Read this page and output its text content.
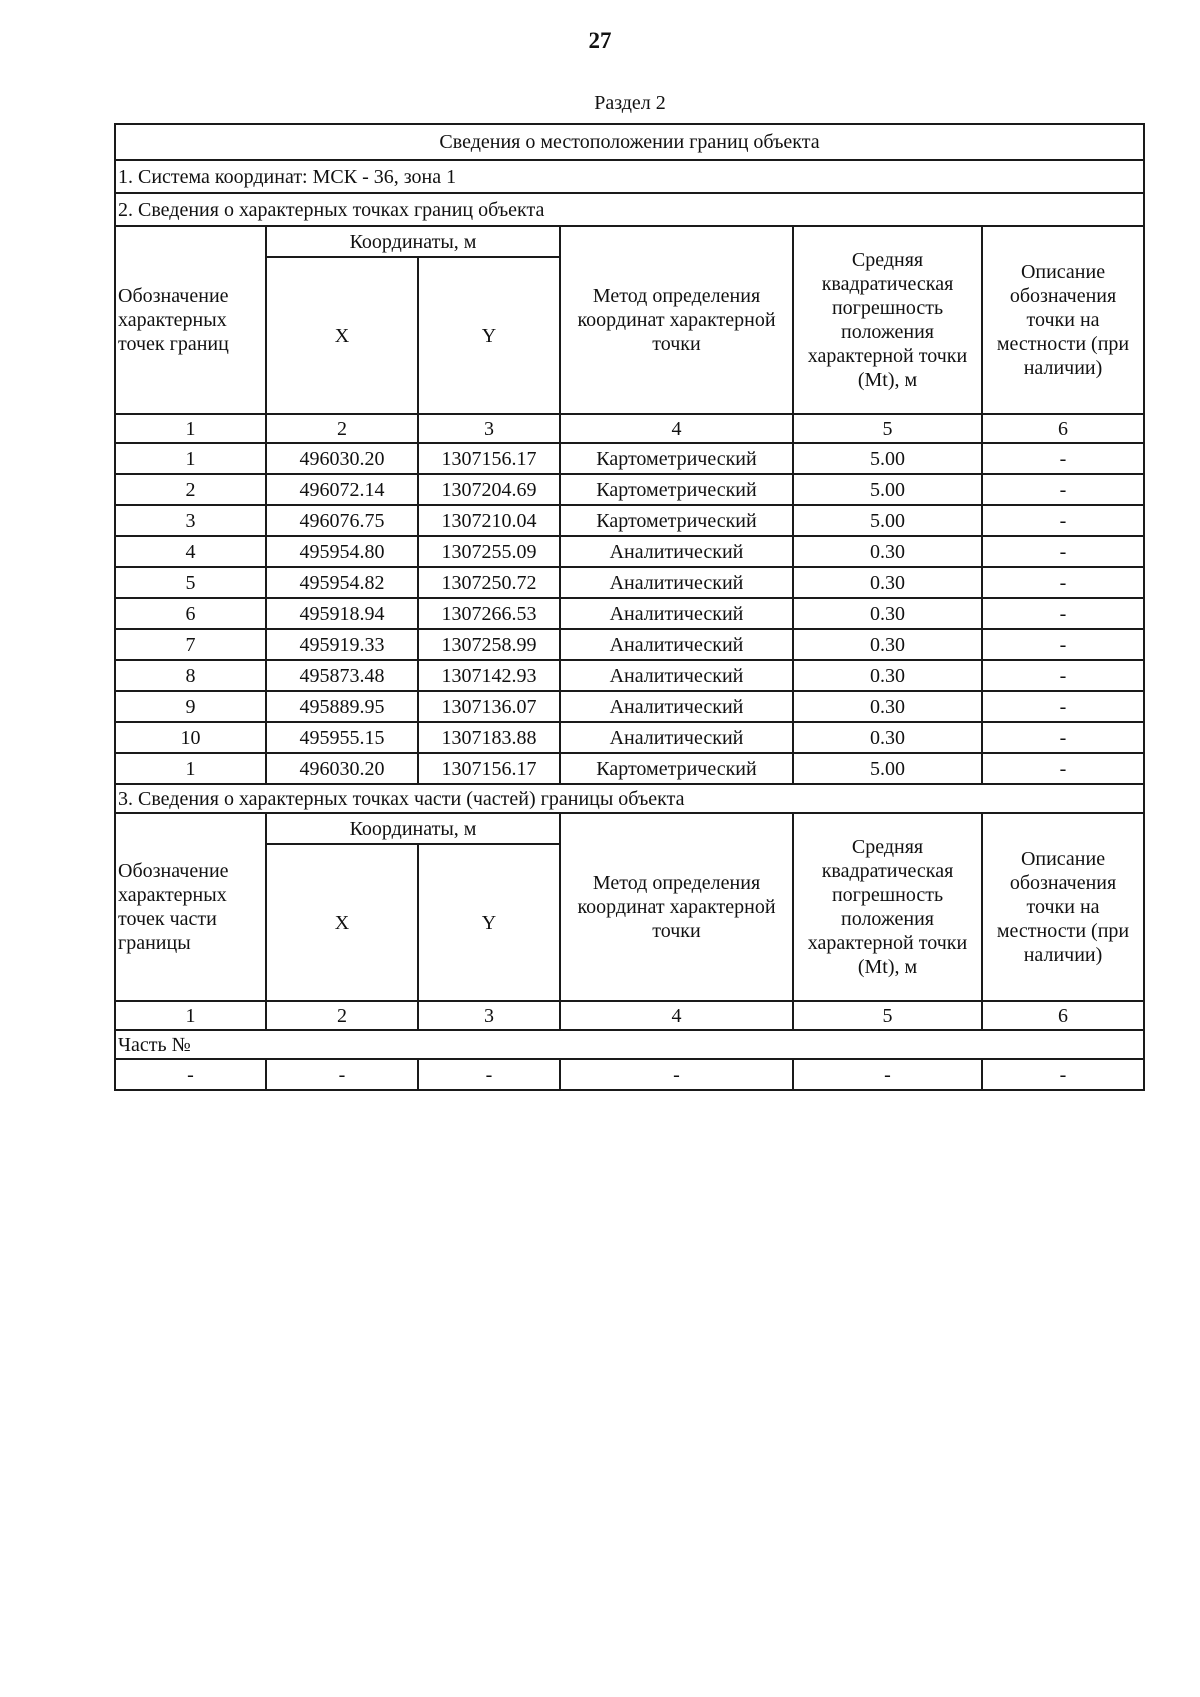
27
Раздел 2
Сведения о местоположении границ объекта					
1. Система координат: МСК - 36, зона 1					
2. Сведения о характерных точках границ объекта					
Обозначение характерных точек границ	Координаты, м		Метод определения координат характерной точки	Средняя квадратическая погрешность положения характерной точки (Mt), м	Описание обозначения точки на местности (при наличии)
	X	Y			
1	2	3	4	5	6
1	496030.20	1307156.17	Картометрический	5.00	-
2	496072.14	1307204.69	Картометрический	5.00	-
3	496076.75	1307210.04	Картометрический	5.00	-
4	495954.80	1307255.09	Аналитический	0.30	-
5	495954.82	1307250.72	Аналитический	0.30	-
6	495918.94	1307266.53	Аналитический	0.30	-
7	495919.33	1307258.99	Аналитический	0.30	-
8	495873.48	1307142.93	Аналитический	0.30	-
9	495889.95	1307136.07	Аналитический	0.30	-
10	495955.15	1307183.88	Аналитический	0.30	-
1	496030.20	1307156.17	Картометрический	5.00	-
3. Сведения о характерных точках части (частей) границы объекта					
Обозначение характерных точек части границы	Координаты, м		Метод определения координат характерной точки	Средняя квадратическая погрешность положения характерной точки (Mt), м	Описание обозначения точки на местности (при наличии)
	X	Y			
1	2	3	4	5	6
Часть №					
-	-	-	-	-	-
